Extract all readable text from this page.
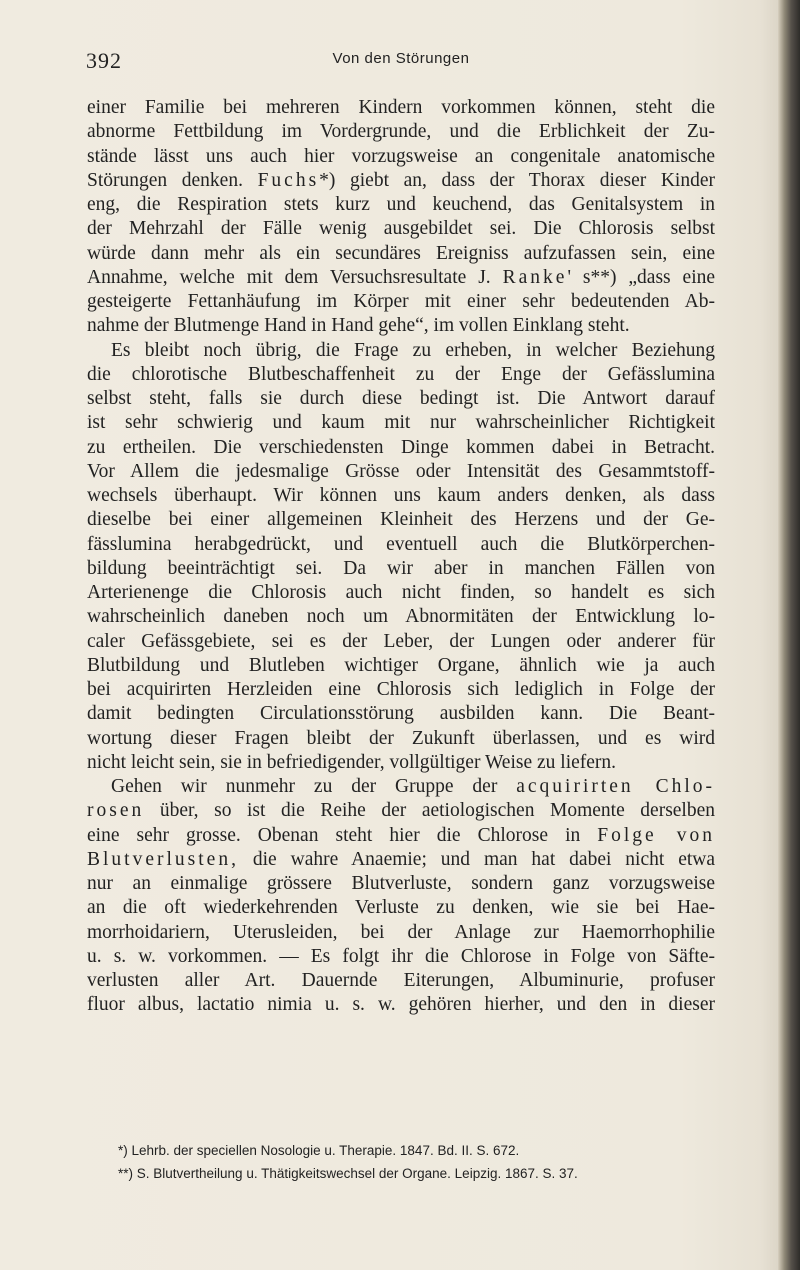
392	Von den Störungen
einer Familie bei mehreren Kindern vorkommen können, steht die
abnorme Fettbildung im Vordergrunde, und die Erblichkeit der Zu-
stände lässt uns auch hier vorzugsweise an congenitale anatomische
Störungen denken. Fuchs*) giebt an, dass der Thorax dieser Kinder
eng, die Respiration stets kurz und keuchend, das Genitalsystem in
der Mehrzahl der Fälle wenig ausgebildet sei. Die Chlorosis selbst
würde dann mehr als ein secundäres Ereigniss aufzufassen sein, eine
Annahme, welche mit dem Versuchsresultate J. Ranke' s**) „dass eine
gesteigerte Fettanhäufung im Körper mit einer sehr bedeutenden Ab-
nahme der Blutmenge Hand in Hand gehe“, im vollen Einklang steht.
Es bleibt noch übrig, die Frage zu erheben, in welcher Beziehung
die chlorotische Blutbeschaffenheit zu der Enge der Gefässlumina
selbst steht, falls sie durch diese bedingt ist. Die Antwort darauf
ist sehr schwierig und kaum mit nur wahrscheinlicher Richtigkeit
zu ertheilen. Die verschiedensten Dinge kommen dabei in Betracht.
Vor Allem die jedesmalige Grösse oder Intensität des Gesammtstoff-
wechsels überhaupt. Wir können uns kaum anders denken, als dass
dieselbe bei einer allgemeinen Kleinheit des Herzens und der Ge-
fässlumina herabgedrückt, und eventuell auch die Blutkörperchen-
bildung beeinträchtigt sei. Da wir aber in manchen Fällen von
Arterienenge die Chlorosis auch nicht finden, so handelt es sich
wahrscheinlich daneben noch um Abnormitäten der Entwicklung lo-
caler Gefässgebiete, sei es der Leber, der Lungen oder anderer für
Blutbildung und Blutleben wichtiger Organe, ähnlich wie ja auch
bei acquirirten Herzleiden eine Chlorosis sich lediglich in Folge der
damit bedingten Circulationsstörung ausbilden kann. Die Beant-
wortung dieser Fragen bleibt der Zukunft überlassen, und es wird
nicht leicht sein, sie in befriedigender, vollgültiger Weise zu liefern.
Gehen wir nunmehr zu der Gruppe der acquirirten Chlo-
rosen über, so ist die Reihe der aetiologischen Momente derselben
eine sehr grosse. Obenan steht hier die Chlorose in Folge von
Blutverlusten, die wahre Anaemie; und man hat dabei nicht etwa
nur an einmalige grössere Blutverluste, sondern ganz vorzugsweise
an die oft wiederkehrenden Verluste zu denken, wie sie bei Hae-
morrhoidariern, Uterusleiden, bei der Anlage zur Haemorrhophilie
u. s. w. vorkommen. — Es folgt ihr die Chlorose in Folge von Säfte-
verlusten aller Art. Dauernde Eiterungen, Albuminurie, profuser
fluor albus, lactatio nimia u. s. w. gehören hierher, und den in dieser
*) Lehrb. der speciellen Nosologie u. Therapie. 1847. Bd. II. S. 672.
**) S. Blutvertheilung u. Thätigkeitswechsel der Organe. Leipzig. 1867. S. 37.
